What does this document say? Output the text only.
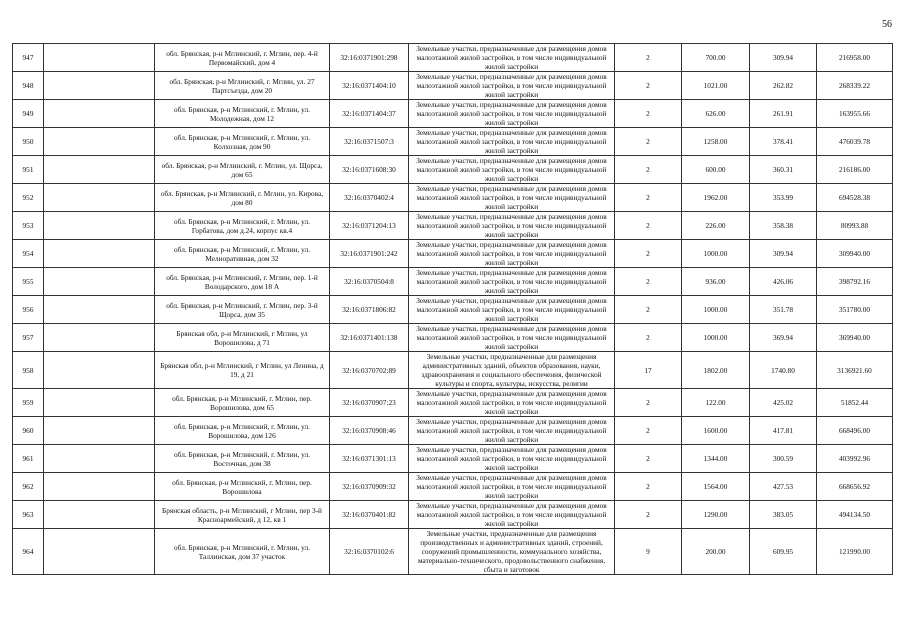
56
947		обл. Брянская, р-н Мглинский, г. Мглин, пер. 4-й Первомайский, дом 4	32:16:0371901:298	Земельные участки, предназначенные для размещения домов малоэтажной жилой застройки, в том числе индивидуальной жилой застройки	2	700.00	309.94	216958.00
948		обл. Брянская, р-н Мглинский, г. Мглин, ул. 27 Партсъезда, дом 20	32:16:0371404:10	Земельные участки, предназначенные для размещения домов малоэтажной жилой застройки, в том числе индивидуальной жилой застройки	2	1021.00	262.82	268339.22
949		обл. Брянская, р-н Мглинский, г. Мглин, ул. Молодежная, дом 12	32:16:0371404:37	Земельные участки, предназначенные для размещения домов малоэтажной жилой застройки, в том числе индивидуальной жилой застройки	2	626.00	261.91	163955.66
950		обл. Брянская, р-н Мглинский, г. Мглин, ул. Колхозная, дом 90	32:16:0371507:3	Земельные участки, предназначенные для размещения домов малоэтажной жилой застройки, в том числе индивидуальной жилой застройки	2	1258.00	378.41	476039.78
951		обл. Брянская, р-н Мглинский, г. Мглин, ул. Щорса, дом 65	32:16:0371608:30	Земельные участки, предназначенные для размещения домов малоэтажной жилой застройки, в том числе индивидуальной жилой застройки	2	600.00	360.31	216186.00
952		обл. Брянская, р-н Мглинский, г. Мглин, ул. Кирова, дом 80	32:16:0370402:4	Земельные участки, предназначенные для размещения домов малоэтажной жилой застройки, в том числе индивидуальной жилой застройки	2	1962.00	353.99	694528.38
953		обл. Брянская, р-н Мглинский, г. Мглин, ул. Горбатова, дом д.24, корпус кв.4	32:16:0371204:13	Земельные участки, предназначенные для размещения домов малоэтажной жилой застройки, в том числе индивидуальной жилой застройки	2	226.00	358.38	80993.88
954		обл. Брянская, р-н Мглинский, г. Мглин, ул. Мелиоративная, дом 32	32:16:0371901:242	Земельные участки, предназначенные для размещения домов малоэтажной жилой застройки, в том числе индивидуальной жилой застройки	2	1000.00	309.94	309940.00
955		обл. Брянская, р-н Мглинский, г. Мглин, пер. 1-й Володарского, дом 18 А	32:16:0370504:8	Земельные участки, предназначенные для размещения домов малоэтажной жилой застройки, в том числе индивидуальной жилой застройки	2	936.00	426.06	398792.16
956		обл. Брянская, р-н Мглинский, г. Мглин, пер. 3-й Щорса, дом 35	32:16:0371806:82	Земельные участки, предназначенные для размещения домов малоэтажной жилой застройки, в том числе индивидуальной жилой застройки	2	1000.00	351.78	351780.00
957		Брянская обл, р-н Мглинский, г Мглин, ул Ворошилова, д 71	32:16:0371401:138	Земельные участки, предназначенные для размещения домов малоэтажной жилой застройки, в том числе индивидуальной жилой застройки	2	1000.00	369.94	369940.00
958		Брянская обл, р-н Мглинский, г Мглин, ул Ленина, д 19, д 21	32:16:0370702:89	Земельные участки, предназначенные для размещения административных зданий, объектов образования, науки, здравоохранения и социального обеспечения, физической культуры и спорта, культуры, искусства, религии	17	1802.00	1740.80	3136921.60
959		обл. Брянская, р-н Мглинский, г. Мглин, пер. Ворошилова, дом 65	32:16:0370907:23	Земельные участки, предназначенные для размещения домов малоэтажной жилой застройки, в том числе индивидуальной жилой застройки	2	122.00	425.02	51852.44
960		обл. Брянская, р-н Мглинский, г. Мглин, ул. Ворошилова, дом 126	32:16:0370908:46	Земельные участки, предназначенные для размещения домов малоэтажной жилой застройки, в том числе индивидуальной жилой застройки	2	1600.00	417.81	668496.00
961		обл. Брянская, р-н Мглинский, г. Мглин, ул. Восточная, дом 38	32:16:0371301:13	Земельные участки, предназначенные для размещения домов малоэтажной жилой застройки, в том числе индивидуальной жилой застройки	2	1344.00	300.59	403992.96
962		обл. Брянская, р-н Мглинский, г. Мглин, пер. Ворошилова	32:16:0370909:32	Земельные участки, предназначенные для размещения домов малоэтажной жилой застройки, в том числе индивидуальной жилой застройки	2	1564.00	427.53	668656.92
963		Брянская область, р-н Мглинский, г Мглин, пер 3-й Красноармейский, д 12, кв 1	32:16:0370401:82	Земельные участки, предназначенные для размещения домов малоэтажной жилой застройки, в том числе индивидуальной жилой застройки	2	1290.00	383.05	494134.50
964		обл. Брянская, р-н Мглинский, г. Мглин, ул. Таллинская, дом 37 участок	32:16:0370102:6	Земельные участки, предназначенные для размещения производственных и административных зданий, строений, сооружений промышленности, коммунального хозяйства, материально-технического, продовольственного снабжения, сбыта и заготовок	9	200.00	609.95	121990.00
